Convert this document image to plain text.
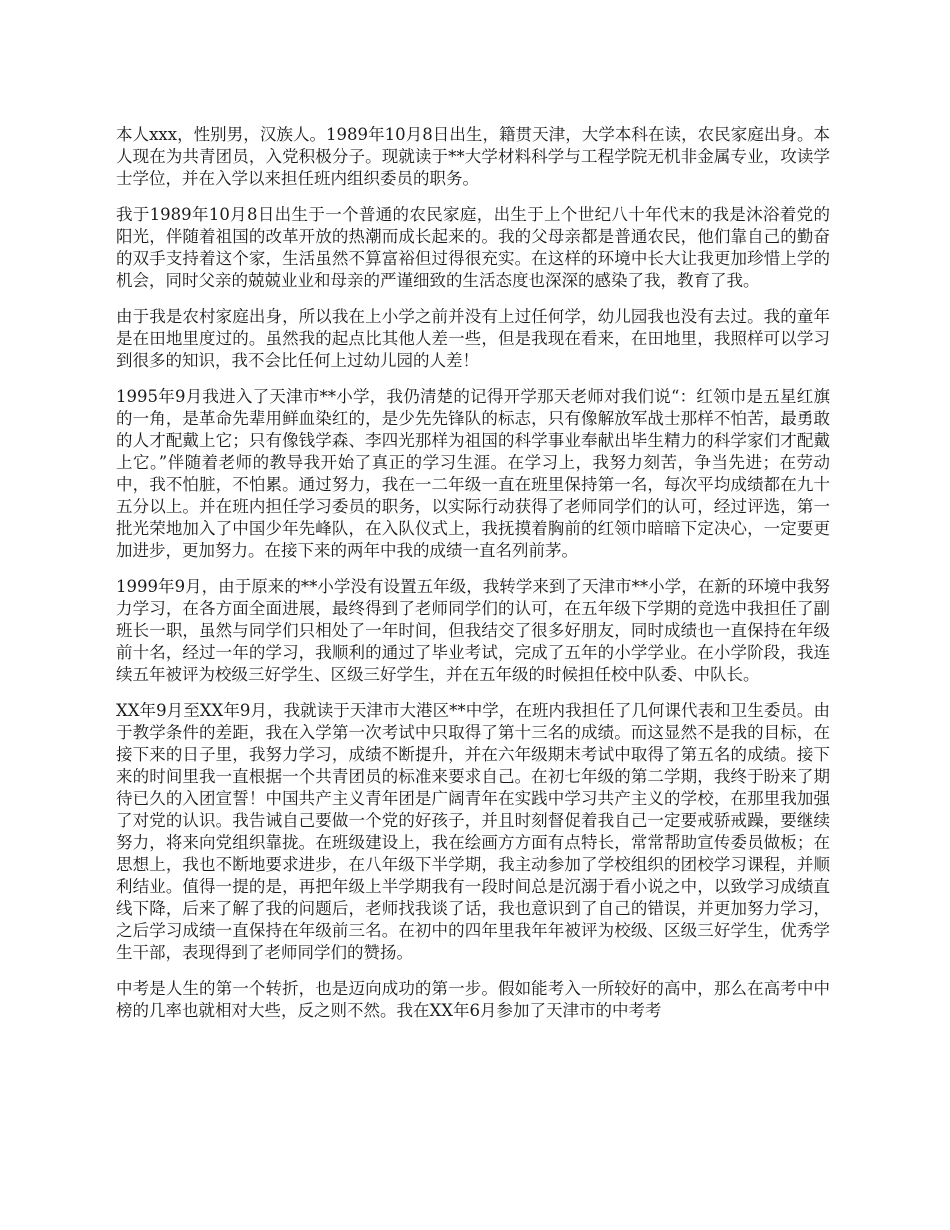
本人xxx，性别男，汉族人。1989年10月8日出生，籍贯天津，大学本科在读，农民家庭出身。本人现在为共青团员，入党积极分子。现就读于**大学材料科学与工程学院无机非金属专业，攻读学士学位，并在入学以来担任班内组织委员的职务。

我于1989年10月8日出生于一个普通的农民家庭，出生于上个世纪八十年代末的我是沐浴着党的阳光，伴随着祖国的改革开放的热潮而成长起来的。我的父母亲都是普通农民，他们靠自己的勤奋的双手支持着这个家，生活虽然不算富裕但过得很充实。在这样的环境中长大让我更加珍惜上学的机会，同时父亲的兢兢业业和母亲的严谨细致的生活态度也深深的感染了我，教育了我。

由于我是农村家庭出身，所以我在上小学之前并没有上过任何学，幼儿园我也没有去过。我的童年是在田地里度过的。虽然我的起点比其他人差一些，但是我现在看来，在田地里，我照样可以学习到很多的知识，我不会比任何上过幼儿园的人差！

1995年9月我进入了天津市**小学，我仍清楚的记得开学那天老师对我们说“：红领巾是五星红旗的一角，是革命先辈用鲜血染红的，是少先先锋队的标志，只有像解放军战士那样不怕苦，最勇敢的人才配戴上它；只有像钱学森、李四光那样为祖国的科学事业奉献出毕生精力的科学家们才配戴上它。”伴随着老师的教导我开始了真正的学习生涯。在学习上，我努力刻苦，争当先进；在劳动中，我不怕脏，不怕累。通过努力，我在一二年级一直在班里保持第一名，每次平均成绩都在九十五分以上。并在班内担任学习委员的职务，以实际行动获得了老师同学们的认可，经过评选，第一批光荣地加入了中国少年先峰队，在入队仪式上，我抚摸着胸前的红领巾暗暗下定决心，一定要更加进步，更加努力。在接下来的两年中我的成绩一直名列前茅。

1999年9月，由于原来的**小学没有设置五年级，我转学来到了天津市**小学，在新的环境中我努力学习，在各方面全面进展，最终得到了老师同学们的认可，在五年级下学期的竞选中我担任了副班长一职，虽然与同学们只相处了一年时间，但我结交了很多好朋友，同时成绩也一直保持在年级前十名，经过一年的学习，我顺利的通过了毕业考试，完成了五年的小学学业。在小学阶段，我连续五年被评为校级三好学生、区级三好学生，并在五年级的时候担任校中队委、中队长。

XX年9月至XX年9月，我就读于天津市大港区**中学，在班内我担任了几何课代表和卫生委员。由于教学条件的差距，我在入学第一次考试中只取得了第十三名的成绩。而这显然不是我的目标，在接下来的日子里，我努力学习，成绩不断提升，并在六年级期末考试中取得了第五名的成绩。接下来的时间里我一直根据一个共青团员的标准来要求自己。在初七年级的第二学期，我终于盼来了期待已久的入团宣誓！中国共产主义青年团是广阔青年在实践中学习共产主义的学校，在那里我加强了对党的认识。我告诫自己要做一个党的好孩子，并且时刻督促着我自己一定要戒骄戒躁，要继续努力，将来向党组织靠拢。在班级建设上，我在绘画方方面有点特长，常常帮助宣传委员做板；在思想上，我也不断地要求进步，在八年级下半学期，我主动参加了学校组织的团校学习课程，并顺利结业。值得一提的是，再把年级上半学期我有一段时间总是沉溺于看小说之中，以致学习成绩直线下降，后来了解了我的问题后，老师找我谈了话，我也意识到了自己的错误，并更加努力学习，之后学习成绩一直保持在年级前三名。在初中的四年里我年年被评为校级、区级三好学生，优秀学生干部，表现得到了老师同学们的赞扬。

中考是人生的第一个转折，也是迈向成功的第一步。假如能考入一所较好的高中，那么在高考中中榜的几率也就相对大些，反之则不然。我在XX年6月参加了天津市的中考考
